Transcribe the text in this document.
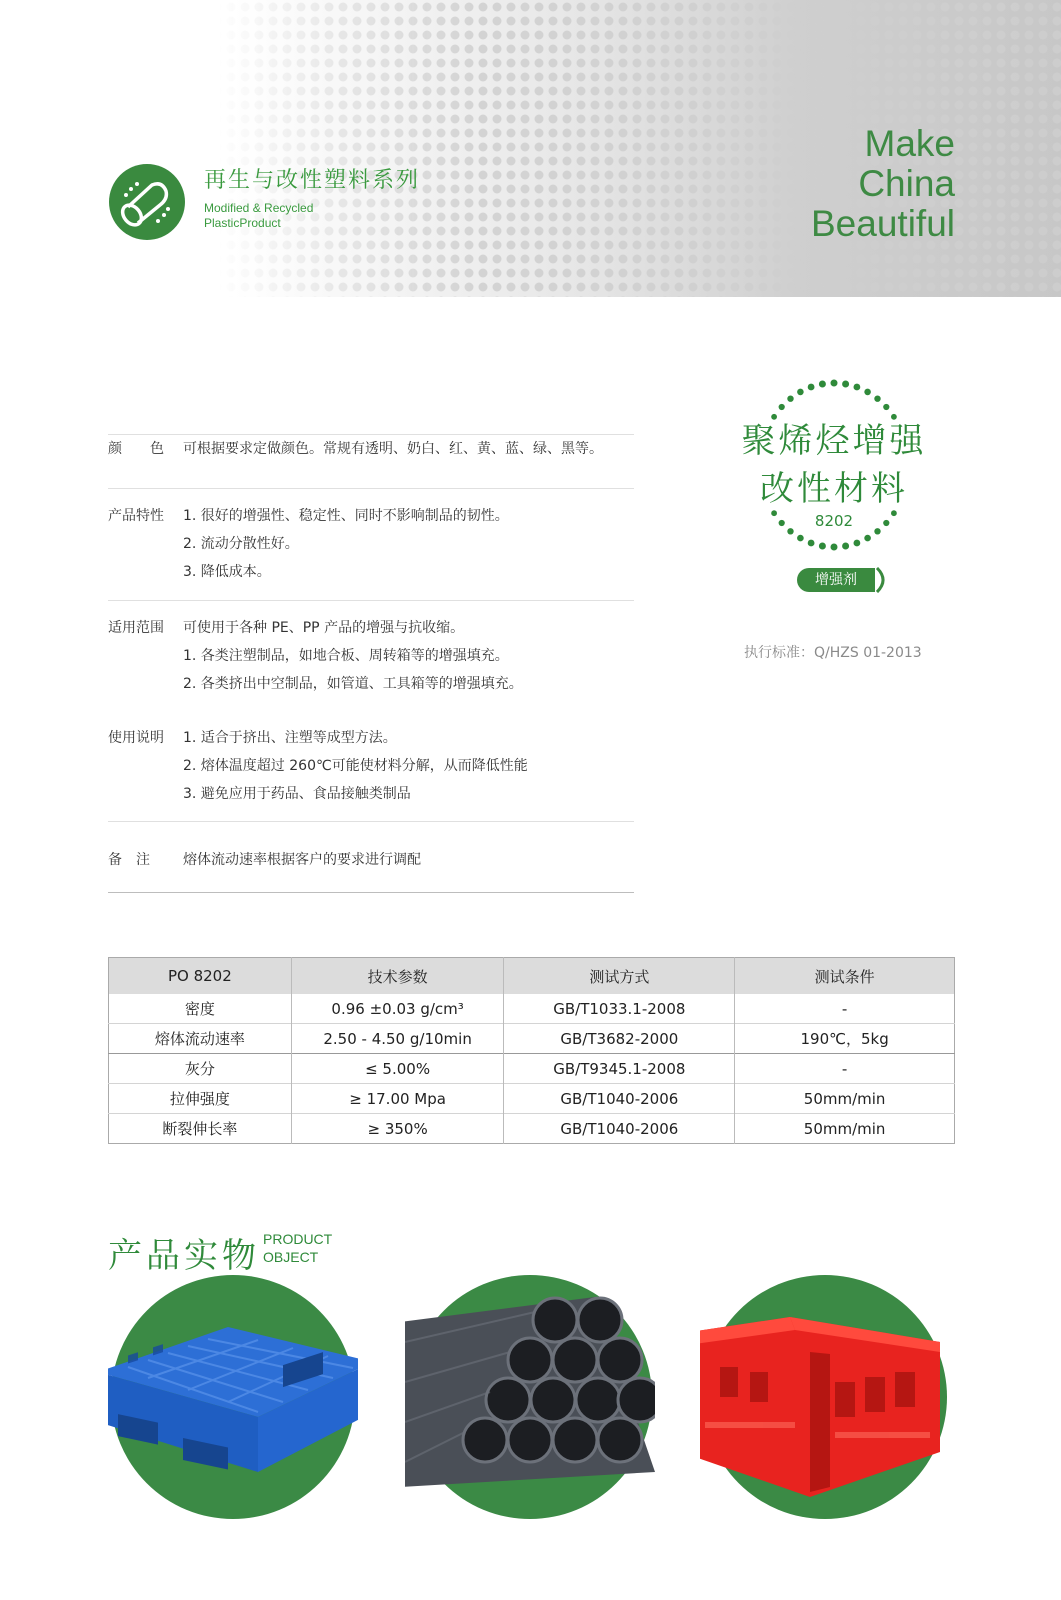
再生与改性塑料系列
Modified & Recycled
PlasticProduct
Make
China
Beautiful
颜　　色	可根据要求定做颜色。常规有透明、奶白、红、黄、蓝、绿、黑等。
产品特性	1. 很好的增强性、稳定性、同时不影响制品的韧性。
2. 流动分散性好。
3. 降低成本。
适用范围	可使用于各种 PE、PP 产品的增强与抗收缩。
1. 各类注塑制品，如地合板、周转箱等的增强填充。
2. 各类挤出中空制品，如管道、工具箱等的增强填充。
使用说明	1. 适合于挤出、注塑等成型方法。
2. 熔体温度超过 260℃可能使材料分解，从而降低性能
3. 避免应用于药品、食品接触类制品
备　注	熔体流动速率根据客户的要求进行调配
聚烯烃增强
改性材料
8202
增强剂
执行标准：Q/HZS 01-2013
PO 8202	技术参数	测试方式	测试条件
密度	0.96 ±0.03 g/cm³	GB/T1033.1-2008	-
熔体流动速率	2.50 - 4.50 g/10min	GB/T3682-2000	190℃，5kg
灰分	≤ 5.00%	GB/T9345.1-2008	-
拉伸强度	≥ 17.00 Mpa	GB/T1040-2006	50mm/min
断裂伸长率	≥ 350%	GB/T1040-2006	50mm/min
产品实物 PRODUCT
OBJECT
